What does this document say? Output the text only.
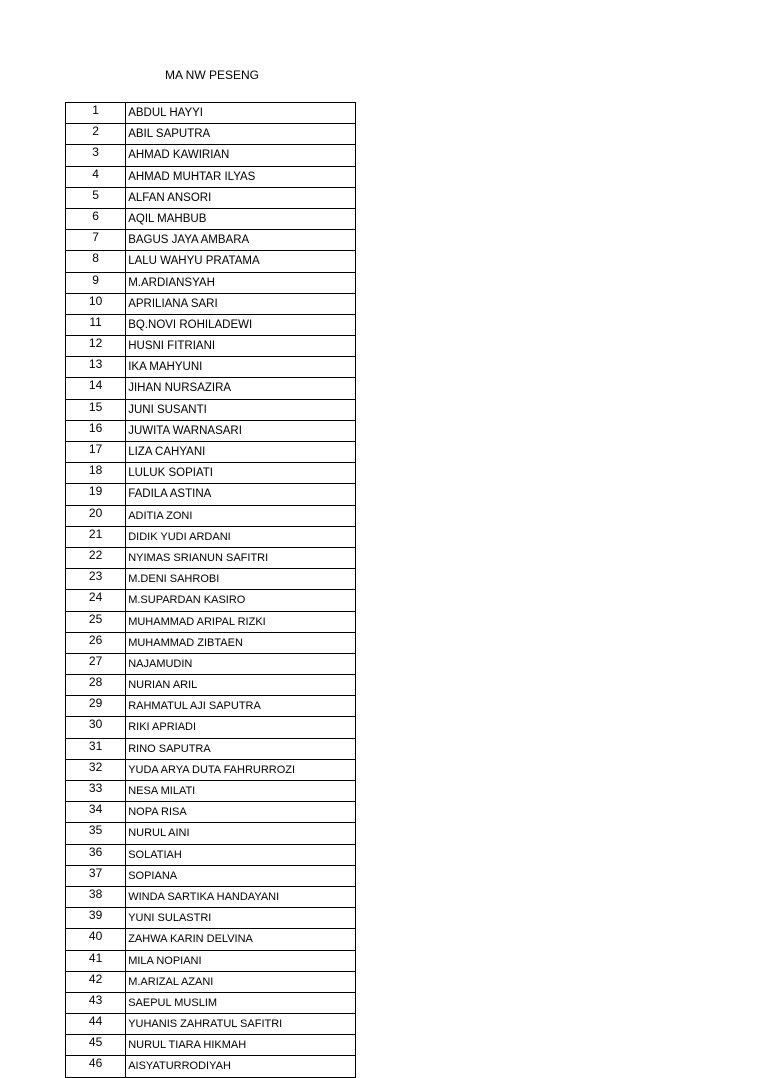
MA NW PESENG
1	ABDUL HAYYI
2	ABIL SAPUTRA
3	AHMAD KAWIRIAN
4	AHMAD MUHTAR ILYAS
5	ALFAN ANSORI
6	AQIL MAHBUB
7	BAGUS JAYA AMBARA
8	LALU WAHYU PRATAMA
9	M.ARDIANSYAH
10	APRILIANA SARI
11	BQ.NOVI ROHILADEWI
12	HUSNI FITRIANI
13	IKA MAHYUNI
14	JIHAN NURSAZIRA
15	JUNI SUSANTI
16	JUWITA WARNASARI
17	LIZA CAHYANI
18	LULUK SOPIATI
19	FADILA ASTINA
20	ADITIA ZONI
21	DIDIK YUDI ARDANI
22	NYIMAS SRIANUN SAFITRI
23	M.DENI SAHROBI
24	M.SUPARDAN KASIRO
25	MUHAMMAD ARIPAL RIZKI
26	MUHAMMAD ZIBTAEN
27	NAJAMUDIN
28	NURIAN ARIL
29	RAHMATUL AJI SAPUTRA
30	RIKI APRIADI
31	RINO SAPUTRA
32	YUDA ARYA DUTA FAHRURROZI
33	NESA MILATI
34	NOPA RISA
35	NURUL AINI
36	SOLATIAH
37	SOPIANA
38	WINDA SARTIKA HANDAYANI
39	YUNI SULASTRI
40	ZAHWA KARIN DELVINA
41	MILA NOPIANI
42	M.ARIZAL AZANI
43	SAEPUL MUSLIM
44	YUHANIS ZAHRATUL SAFITRI
45	NURUL TIARA HIKMAH
46	AISYATURRODIYAH
